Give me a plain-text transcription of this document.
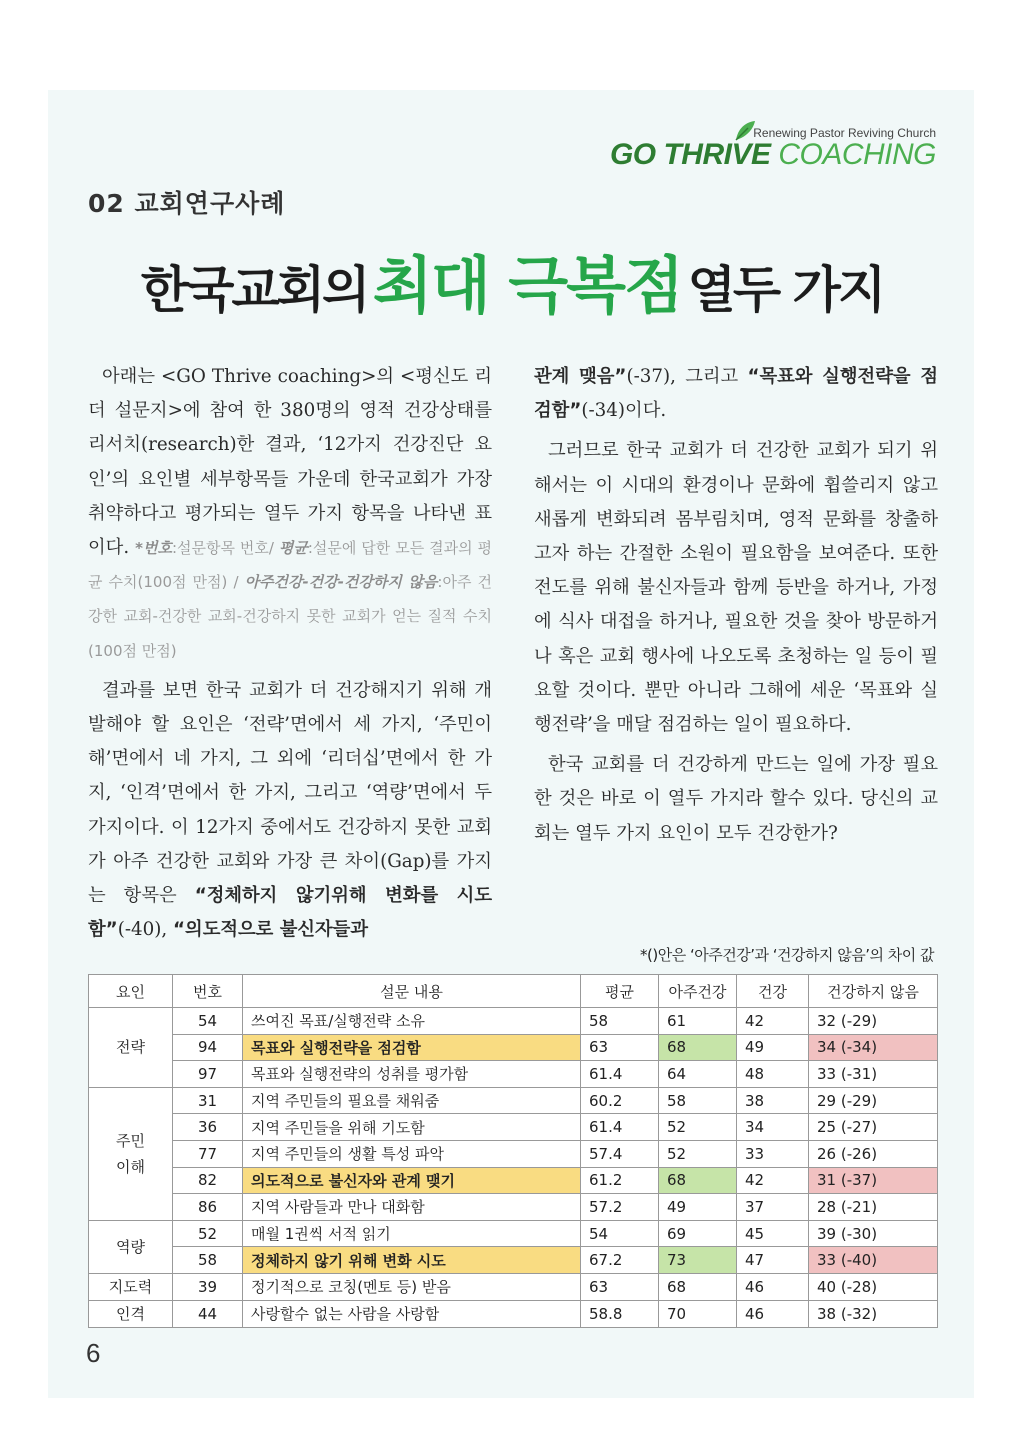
Renewing Pastor Reviving Church
GO THRIVE COACHING
02 교회연구사례
한국교회의 최대 극복점 열두 가지

아래는 <GO Thrive coaching>의 <평신도 리더 설문지>에 참여 한 380명의 영적 건강상태를 리서치(research)한 결과, ‘12가지 건강진단 요인’의 요인별 세부항목들 가운데 한국교회가 가장 취약하다고 평가되는 열두 가지 항목을 나타낸 표이다. *번호:설문항목 번호/ 평균:설문에 답한 모든 결과의 평균 수치(100점 만점) / 아주건강-건강-건강하지 않음:아주 건강한 교회-건강한 교회-건강하지 못한 교회가 얻는 질적 수치(100점 만점)

결과를 보면 한국 교회가 더 건강해지기 위해 개발해야 할 요인은 ‘전략’면에서 세 가지, ‘주민이해’면에서 네 가지, 그 외에 ‘리더십’면에서 한 가지, ‘인격’면에서 한 가지, 그리고 ‘역량’면에서 두 가지이다. 이 12가지 중에서도 건강하지 못한 교회가 아주 건강한 교회와 가장 큰 차이(Gap)를 가지는 항목은 “정체하지 않기위해 변화를 시도함”(-40), “의도적으로 불신자들과

관계 맺음”(-37), 그리고 “목표와 실행전략을 점검함”(-34)이다.

그러므로 한국 교회가 더 건강한 교회가 되기 위해서는 이 시대의 환경이나 문화에 휩쓸리지 않고 새롭게 변화되려 몸부림치며, 영적 문화를 창출하고자 하는 간절한 소원이 필요함을 보여준다. 또한 전도를 위해 불신자들과 함께 등반을 하거나, 가정에 식사 대접을 하거나, 필요한 것을 찾아 방문하거나 혹은 교회 행사에 나오도록 초청하는 일 등이 필요할 것이다. 뿐만 아니라 그해에 세운 ‘목표와 실행전략’을 매달 점검하는 일이 필요하다.

한국 교회를 더 건강하게 만드는 일에 가장 필요한 것은 바로 이 열두 가지라 할수 있다. 당신의 교회는 열두 가지 요인이 모두 건강한가?

*()안은 ‘아주건강’과 ‘건강하지 않음’의 차이 값
요인	번호	설문 내용	평균	아주건강	건강	건강하지 않음
전략	54	쓰여진 목표/실행전략 소유	58	61	42	32 (-29)
	94	목표와 실행전략을 점검함	63	68	49	34 (-34)
	97	목표와 실행전략의 성취를 평가함	61.4	64	48	33 (-31)
주민 이해	31	지역 주민들의 필요를 채워줌	60.2	58	38	29 (-29)
	36	지역 주민들을 위해 기도함	61.4	52	34	25 (-27)
	77	지역 주민들의 생활 특성 파악	57.4	52	33	26 (-26)
	82	의도적으로 불신자와 관계 맺기	61.2	68	42	31 (-37)
	86	지역 사람들과 만나 대화함	57.2	49	37	28 (-21)
역량	52	매월 1권씩 서적 읽기	54	69	45	39 (-30)
	58	정체하지 않기 위해 변화 시도	67.2	73	47	33 (-40)
지도력	39	정기적으로 코칭(멘토 등) 받음	63	68	46	40 (-28)
인격	44	사랑할수 없는 사람을 사랑함	58.8	70	46	38 (-32)
6
